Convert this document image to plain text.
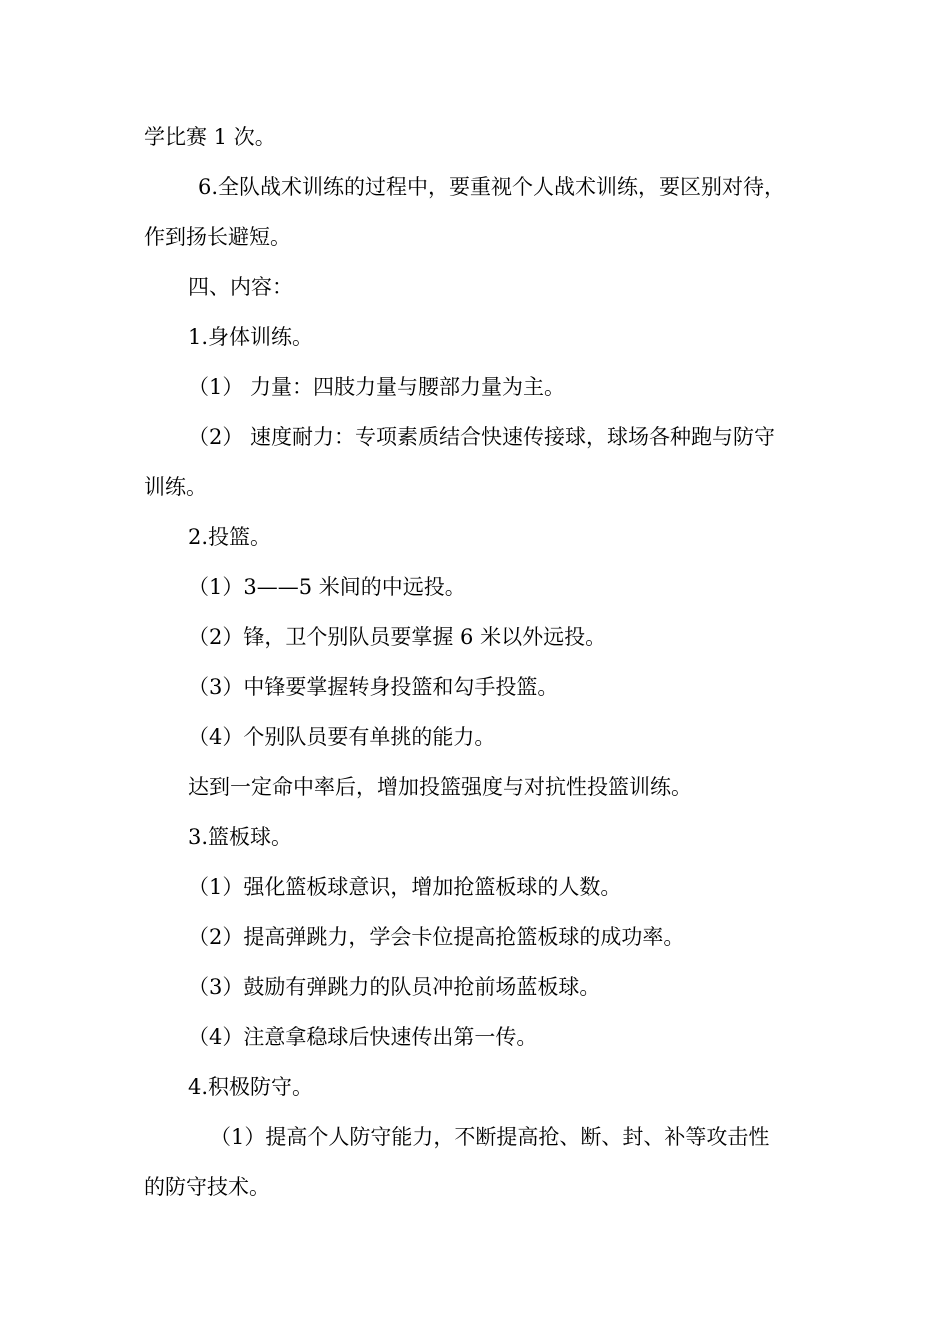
学比赛 1 次。
6.全队战术训练的过程中，要重视个人战术训练，要区别对待，
作到扬长避短。
四、内容：
1.身体训练。
（1） 力量：四肢力量与腰部力量为主。
（2） 速度耐力：专项素质结合快速传接球，球场各种跑与防守
训练。
2.投篮。
（1）3——5 米间的中远投。
（2）锋，卫个别队员要掌握 6 米以外远投。
（3）中锋要掌握转身投篮和勾手投篮。
（4）个别队员要有单挑的能力。
达到一定命中率后，增加投篮强度与对抗性投篮训练。
3.篮板球。
（1）强化篮板球意识，增加抢篮板球的人数。
（2）提高弹跳力，学会卡位提高抢篮板球的成功率。
（3）鼓励有弹跳力的队员冲抢前场蓝板球。
（4）注意拿稳球后快速传出第一传。
4.积极防守。
（1）提高个人防守能力，不断提高抢、断、封、补等攻击性
的防守技术。
